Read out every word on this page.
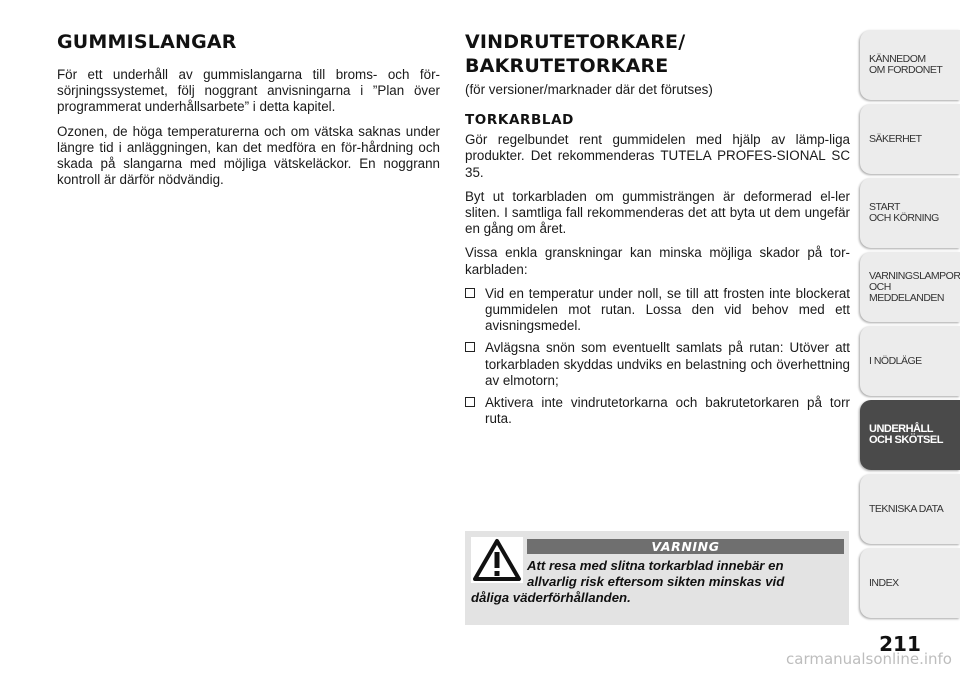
GUMMISLANGAR

För ett underhåll av gummislangarna till broms- och för-sörjningssystemet, följ noggrant anvisningarna i ”Plan över programmerat underhållsarbete” i detta kapitel.

Ozonen, de höga temperaturerna och om vätska saknas under längre tid i anläggningen, kan det medföra en för-hårdning och skada på slangarna med möjliga vätskeläckor. En noggrann kontroll är därför nödvändig.

VINDRUTETORKARE/
BAKRUTETORKARE

(för versioner/marknader där det förutses)

TORKARBLAD

Gör regelbundet rent gummidelen med hjälp av lämp-liga produkter. Det rekommenderas TUTELA PROFES-SIONAL SC 35.

Byt ut torkarbladen om gummisträngen är deformerad el-ler sliten. I samtliga fall rekommenderas det att byta ut dem ungefär en gång om året.

Vissa enkla granskningar kan minska möjliga skador på tor-karbladen:

Vid en temperatur under noll, se till att frosten inte blockerat gummidelen mot rutan. Lossa den vid behov med ett avisningsmedel.
Avlägsna snön som eventuellt samlats på rutan: Utöver att torkarbladen skyddas undviks en belastning och överhettning av elmotorn;
Aktivera inte vindrutetorkarna och bakrutetorkaren på torr ruta.
VARNING
Att resa med slitna torkarblad innebär en
allvarlig risk eftersom sikten minskas vid
dåliga väderförhållanden.
KÄNNEDOM
OM FORDONET
SÄKERHET
START
OCH KÖRNING
VARNINGSLAMPOR
OCH
MEDDELANDEN
I NÖDLÄGE
UNDERHÅLL
OCH SKÖTSEL
TEKNISKA DATA
INDEX
211
carmanualsonline.info
